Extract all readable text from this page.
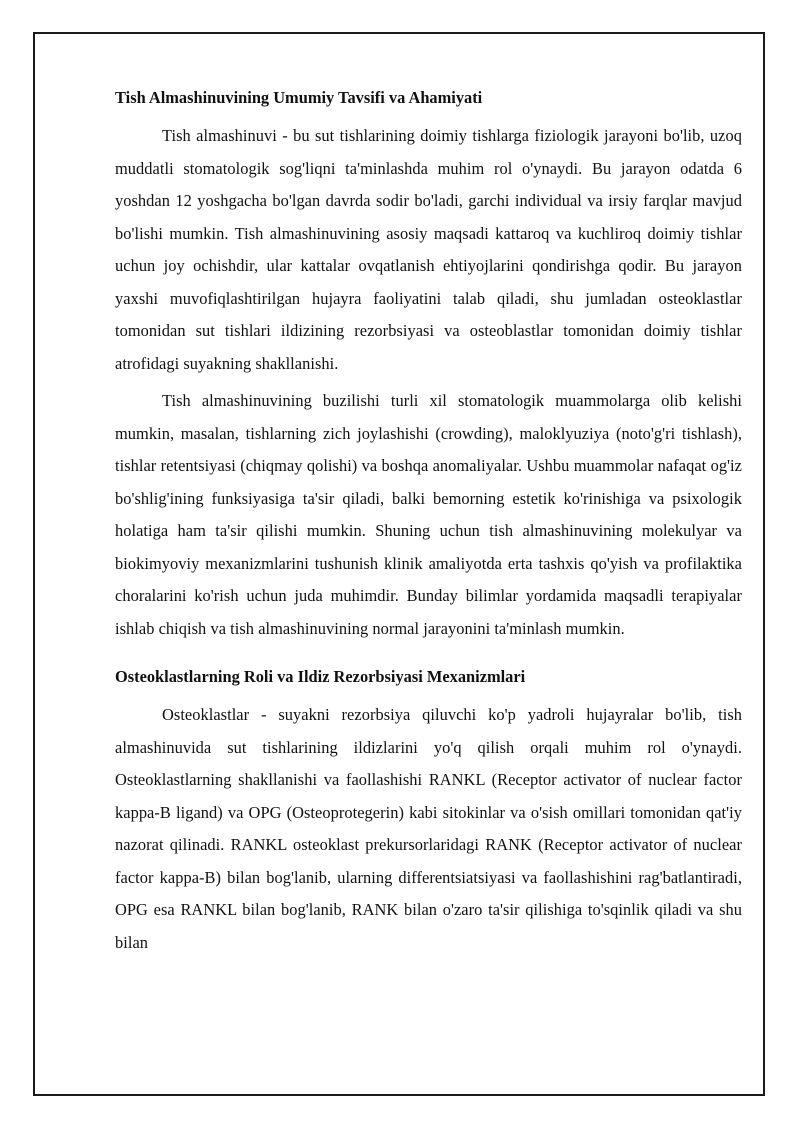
Tish Almashinuvining Umumiy Tavsifi va Ahamiyati

Tish almashinuvi - bu sut tishlarining doimiy tishlarga fiziologik jarayoni bo'lib, uzoq muddatli stomatologik sog'liqni ta'minlashda muhim rol o'ynaydi. Bu jarayon odatda 6 yoshdan 12 yoshgacha bo'lgan davrda sodir bo'ladi, garchi individual va irsiy farqlar mavjud bo'lishi mumkin. Tish almashinuvining asosiy maqsadi kattaroq va kuchliroq doimiy tishlar uchun joy ochishdir, ular kattalar ovqatlanish ehtiyojlarini qondirishga qodir. Bu jarayon yaxshi muvofiqlashtirilgan hujayra faoliyatini talab qiladi, shu jumladan osteoklastlar tomonidan sut tishlari ildizining rezorbsiyasi va osteoblastlar tomonidan doimiy tishlar atrofidagi suyakning shakllanishi.

Tish almashinuvining buzilishi turli xil stomatologik muammolarga olib kelishi mumkin, masalan, tishlarning zich joylashishi (crowding), maloklyuziya (noto'g'ri tishlash), tishlar retentsiyasi (chiqmay qolishi) va boshqa anomaliyalar. Ushbu muammolar nafaqat og'iz bo'shlig'ining funksiyasiga ta'sir qiladi, balki bemorning estetik ko'rinishiga va psixologik holatiga ham ta'sir qilishi mumkin. Shuning uchun tish almashinuvining molekulyar va biokimyoviy mexanizmlarini tushunish klinik amaliyotda erta tashxis qo'yish va profilaktika choralarini ko'rish uchun juda muhimdir. Bunday bilimlar yordamida maqsadli terapiyalar ishlab chiqish va tish almashinuvining normal jarayonini ta'minlash mumkin.

Osteoklastlarning Roli va Ildiz Rezorbsiyasi Mexanizmlari

Osteoklastlar - suyakni rezorbsiya qiluvchi ko'p yadroli hujayralar bo'lib, tish almashinuvida sut tishlarining ildizlarini yo'q qilish orqali muhim rol o'ynaydi. Osteoklastlarning shakllanishi va faollashishi RANKL (Receptor activator of nuclear factor kappa-B ligand) va OPG (Osteoprotegerin) kabi sitokinlar va o'sish omillari tomonidan qat'iy nazorat qilinadi. RANKL osteoklast prekursorlaridagi RANK (Receptor activator of nuclear factor kappa-B) bilan bog'lanib, ularning differentsiatsiyasi va faollashishini rag'batlantiradi, OPG esa RANKL bilan bog'lanib, RANK bilan o'zaro ta'sir qilishiga to'sqinlik qiladi va shu bilan
